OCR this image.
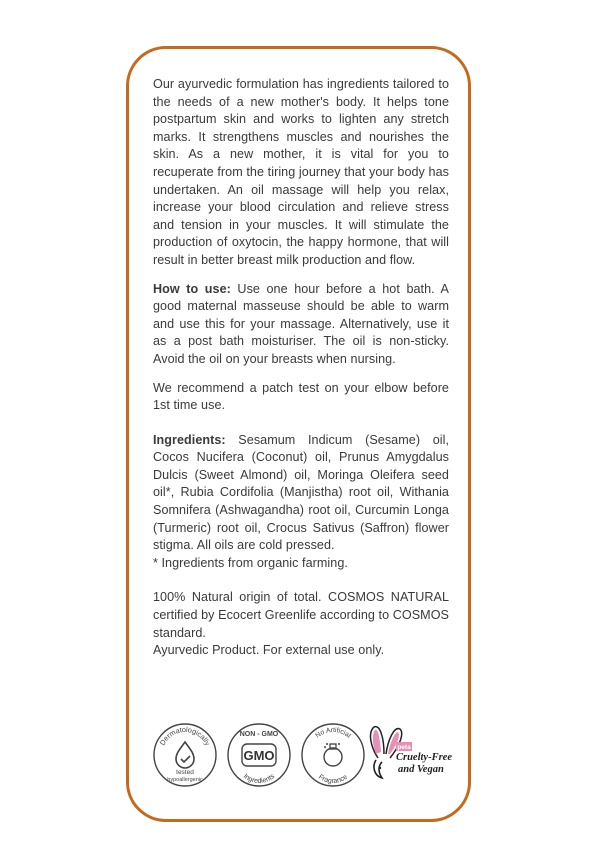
Our ayurvedic formulation has ingredients tailored to the needs of a new mother's body. It helps tone postpartum skin and works to lighten any stretch marks. It strengthens muscles and nourishes the skin. As a new mother, it is vital for you to recuperate from the tiring journey that your body has undertaken. An oil massage will help you relax, increase your blood circulation and relieve stress and tension in your muscles. It will stimulate the production of oxytocin, the happy hormone, that will result in better breast milk production and flow.

How to use: Use one hour before a hot bath. A good maternal masseuse should be able to warm and use this for your massage. Alternatively, use it as a post bath moisturiser. The oil is non-sticky. Avoid the oil on your breasts when nursing.

We recommend a patch test on your elbow before 1st time use.

Ingredients: Sesamum Indicum (Sesame) oil, Cocos Nucifera (Coconut) oil, Prunus Amygdalus Dulcis (Sweet Almond) oil, Moringa Oleifera seed oil*, Rubia Cordifolia (Manjistha) root oil, Withania Somnifera (Ashwagandha) root oil, Curcumin Longa (Turmeric) root oil, Crocus Sativus (Saffron) flower stigma. All oils are cold pressed.

* Ingredients from organic farming.

100% Natural origin of total. COSMOS NATURAL certified by Ecocert Greenlife according to COSMOS standard.

Ayurvedic Product. For external use only.

Dermatologically
tested
hypoallergenic
NON - GMO
GMO
Ingredients
No Artificial
Fragrance
peta
Cruelty-Free
and Vegan
